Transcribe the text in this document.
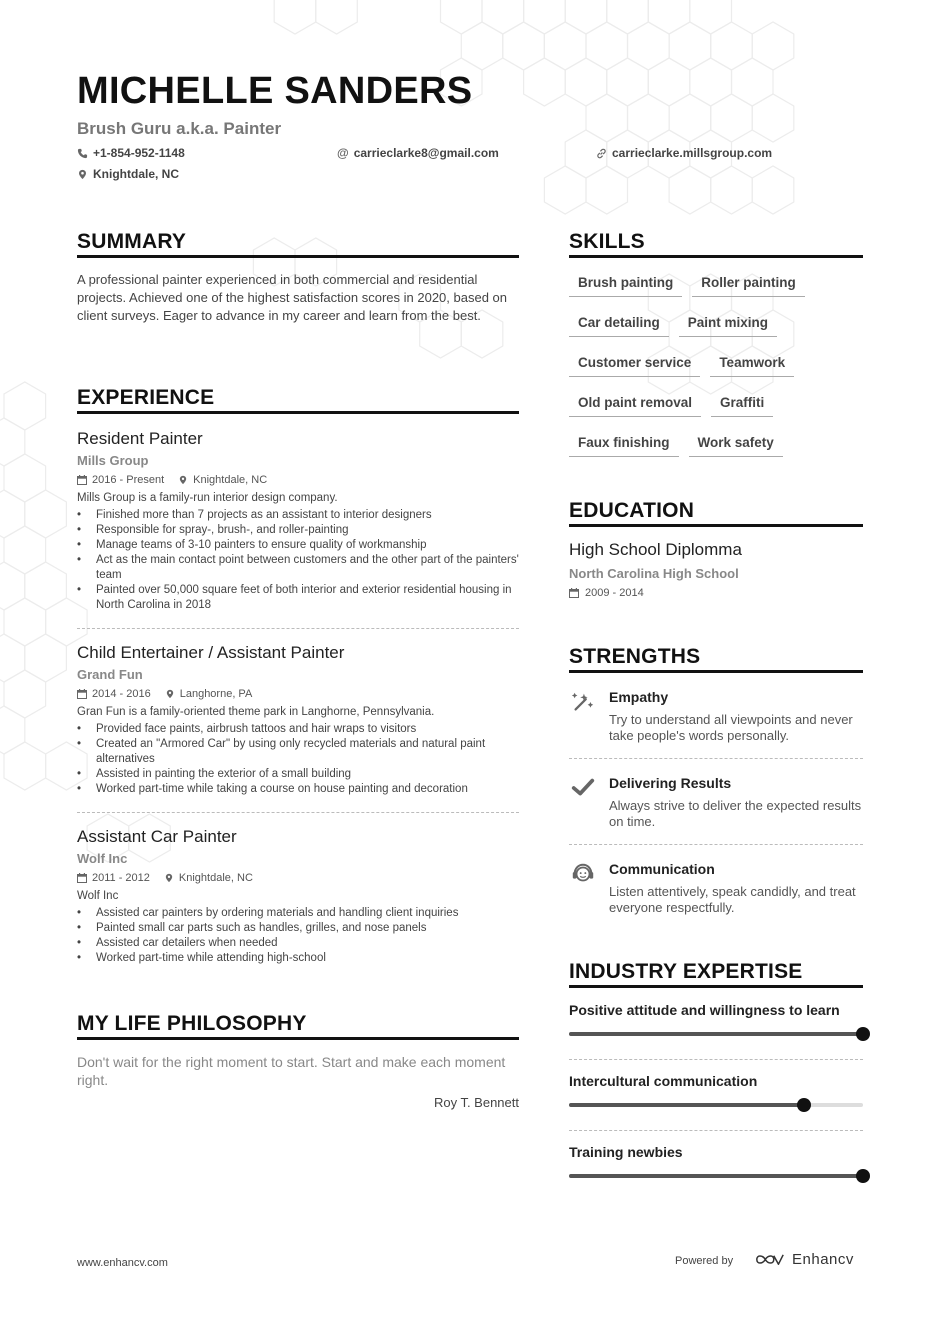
MICHELLE SANDERS
Brush Guru a.k.a. Painter
+1-854-952-1148	@ carrieclarke8@gmail.com	carrieclarke.millsgroup.com
Knightdale, NC
SUMMARY
A professional painter experienced in both commercial and residential projects. Achieved one of the highest satisfaction scores in 2020, based on client surveys. Eager to advance in my career and learn from the best.
EXPERIENCE
Resident Painter
Mills Group
2016 - Present	Knightdale, NC
Mills Group is a family-run interior design company.
• Finished more than 7 projects as an assistant to interior designers
• Responsible for spray-, brush-, and roller-painting
• Manage teams of 3-10 painters to ensure quality of workmanship
• Act as the main contact point between customers and the other part of the painters' team
• Painted over 50,000 square feet of both interior and exterior residential housing in North Carolina in 2018
Child Entertainer / Assistant Painter
Grand Fun
2014 - 2016	Langhorne, PA
Gran Fun is a family-oriented theme park in Langhorne, Pennsylvania.
• Provided face paints, airbrush tattoos and hair wraps to visitors
• Created an "Armored Car" by using only recycled materials and natural paint alternatives
• Assisted in painting the exterior of a small building
• Worked part-time while taking a course on house painting and decoration
Assistant Car Painter
Wolf Inc
2011 - 2012	Knightdale, NC
Wolf Inc
• Assisted car painters by ordering materials and handling client inquiries
• Painted small car parts such as handles, grilles, and nose panels
• Assisted car detailers when needed
• Worked part-time while attending high-school
MY LIFE PHILOSOPHY
Don't wait for the right moment to start. Start and make each moment right.
Roy T. Bennett
SKILLS
Brush painting	Roller painting
Car detailing	Paint mixing
Customer service	Teamwork
Old paint removal	Graffiti
Faux finishing	Work safety
EDUCATION
High School Diplomma
North Carolina High School
2009 - 2014
STRENGTHS
Empathy
Try to understand all viewpoints and never take people's words personally.
Delivering Results
Always strive to deliver the expected results on time.
Communication
Listen attentively, speak candidly, and treat everyone respectfully.
INDUSTRY EXPERTISE
Positive attitude and willingness to learn
Intercultural communication
Training newbies
www.enhancv.com	Powered by	Enhancv
